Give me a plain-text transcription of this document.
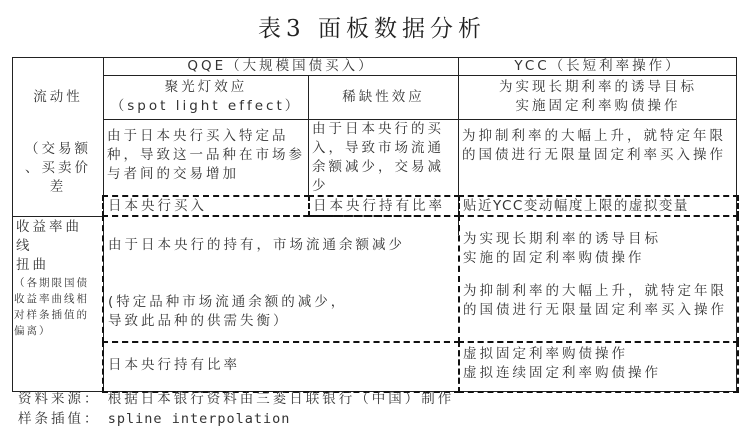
表3 面板数据分析
QQE（大规模国债买入）	YCC（长短利率操作）
聚光灯效应
（spot light effect）
稀缺性效应
为实现长期利率的诱导目标
实施固定利率购债操作
流动性
（交易额
、买卖价
差
由于日本央行买入特定品种，导致这一品种在市场参与者间的交易增加
由于日本央行的买入，导致市场流通余额减少，交易减少
为抑制利率的大幅上升，就特定年限的国债进行无限量固定利率买入操作
日本央行买入	日本央行持有比率 贴近YCC变动幅度上限的虚拟变量
收益率曲
线
扭曲
（各期限国债
收益率曲线相
对样条插值的
偏离）
由于日本央行的持有，市场流通余额减少
(特定品种市场流通余额的减少，
导致此品种的供需失衡）
为实现长期利率的诱导目标
实施的固定利率购债操作
为抑制利率的大幅上升，就特定年限的国债进行无限量固定利率买入操作
日本央行持有比率
虚拟固定利率购债操作
虚拟连续固定利率购债操作
资料来源： 根据日本银行资料由三菱日联银行（中国）制作
样条插值： spline interpolation
